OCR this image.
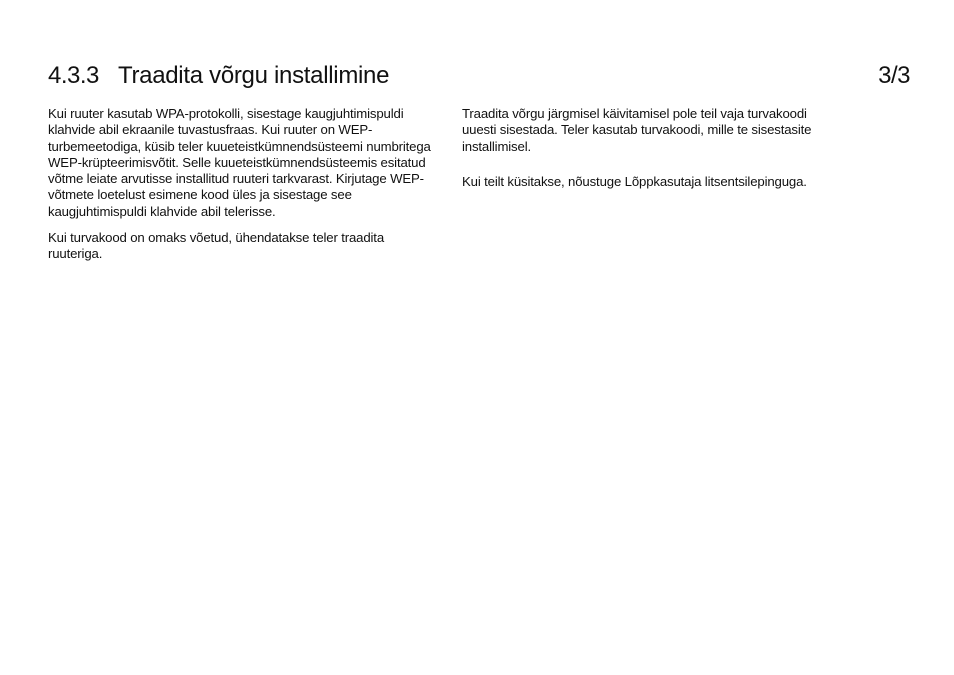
4.3.3 Traadita võrgu installimine	3/3

Kui ruuter kasutab WPA-protokolli, sisestage kaugjuhtimispuldi klahvide abil ekraanile tuvastusfraas. Kui ruuter on WEP-turbemeetodiga, küsib teler kuueteistkümnendsüsteemi numbritega WEP-krüpteerimisvõtit. Selle kuueteistkümnendsüsteemis esitatud võtme leiate arvutisse installitud ruuteri tarkvarast. Kirjutage WEP-võtmete loetelust esimene kood üles ja sisestage see kaugjuhtimispuldi klahvide abil telerisse.

Kui turvakood on omaks võetud, ühendatakse teler traadita ruuteriga.

Traadita võrgu järgmisel käivitamisel pole teil vaja turvakoodi uuesti sisestada. Teler kasutab turvakoodi, mille te sisestasite installimisel.

Kui teilt küsitakse, nõustuge Lõppkasutaja litsentsilepinguga.
